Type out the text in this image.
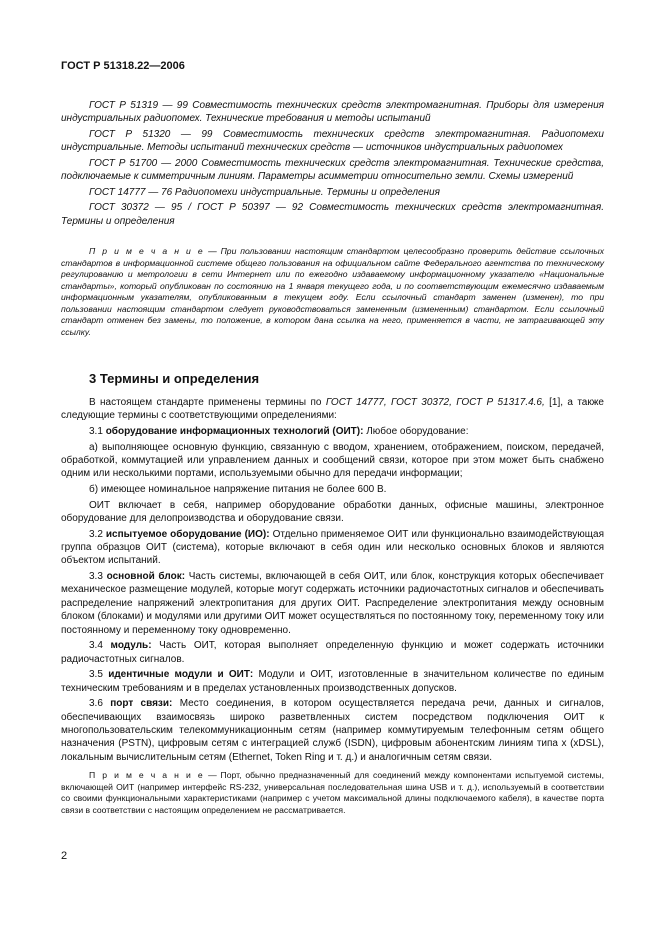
ГОСТ Р 51318.22—2006

ГОСТ Р 51319 — 99 Совместимость технических средств электромагнитная. Приборы для измерения индустриальных радиопомех. Технические требования и методы испытаний

ГОСТ Р 51320 — 99 Совместимость технических средств электромагнитная. Радиопомехи индустриальные. Методы испытаний технических средств — источников индустриальных радиопомех

ГОСТ Р 51700 — 2000 Совместимость технических средств электромагнитная. Технические средства, подключаемые к симметричным линиям. Параметры асимметрии относительно земли. Схемы измерений

ГОСТ 14777 — 76 Радиопомехи индустриальные. Термины и определения

ГОСТ 30372 — 95 / ГОСТ Р 50397 — 92 Совместимость технических средств электромагнитная. Термины и определения

П р и м е ч а н и е — При пользовании настоящим стандартом целесообразно проверить действие ссылочных стандартов в информационной системе общего пользования на официальном сайте Федерального агентства по техническому регулированию и метрологии в сети Интернет или по ежегодно издаваемому информационному указателю «Национальные стандарты», который опубликован по состоянию на 1 января текущего года, и по соответствующим ежемесячно издаваемым информационным указателям, опубликованным в текущем году. Если ссылочный стандарт заменен (изменен), то при пользовании настоящим стандартом следует руководствоваться замененным (измененным) стандартом. Если ссылочный стандарт отменен без замены, то положение, в котором дана ссылка на него, применяется в части, не затрагивающей эту ссылку.
3 Термины и определения

В настоящем стандарте применены термины по ГОСТ 14777, ГОСТ 30372, ГОСТ Р 51317.4.6, [1], а также следующие термины с соответствующими определениями:

3.1 оборудование информационных технологий (ОИТ): Любое оборудование:

а) выполняющее основную функцию, связанную с вводом, хранением, отображением, поиском, передачей, обработкой, коммутацией или управлением данных и сообщений связи, которое при этом может быть снабжено одним или несколькими портами, используемыми обычно для передачи информации;

б) имеющее номинальное напряжение питания не более 600 В.

ОИТ включает в себя, например оборудование обработки данных, офисные машины, электронное оборудование для делопроизводства и оборудование связи.

3.2 испытуемое оборудование (ИО): Отдельно применяемое ОИТ или функционально взаимодействующая группа образцов ОИТ (система), которые включают в себя один или несколько основных блоков и являются объектом испытаний.

3.3 основной блок: Часть системы, включающей в себя ОИТ, или блок, конструкция которых обеспечивает механическое размещение модулей, которые могут содержать источники радиочастотных сигналов и обеспечивать распределение напряжений электропитания для других ОИТ. Распределение электропитания между основным блоком (блоками) и модулями или другими ОИТ может осуществляться по постоянному току, переменному току или постоянному и переменному току одновременно.

3.4 модуль: Часть ОИТ, которая выполняет определенную функцию и может содержать источники радиочастотных сигналов.

3.5 идентичные модули и ОИТ: Модули и ОИТ, изготовленные в значительном количестве по единым техническим требованиям и в пределах установленных производственных допусков.

3.6 порт связи: Место соединения, в котором осуществляется передача речи, данных и сигналов, обеспечивающих взаимосвязь широко разветвленных систем посредством подключения ОИТ к многопользовательским телекоммуникационным сетям (например коммутируемым телефонным сетям общего назначения (PSTN), цифровым сетям с интеграцией служб (ISDN), цифровым абонентским линиям типа x (xDSL), локальным вычислительным сетям (Ethernet, Token Ring и т. д.) и аналогичным сетям связи.

П р и м е ч а н и е — Порт, обычно предназначенный для соединений между компонентами испытуемой системы, включающей ОИТ (например интерфейс RS-232, универсальная последовательная шина USB и т. д.), используемый в соответствии со своими функциональными характеристиками (например с учетом максимальной длины подключаемого кабеля), в качестве порта связи в соответствии с настоящим определением не рассматривается.
2
